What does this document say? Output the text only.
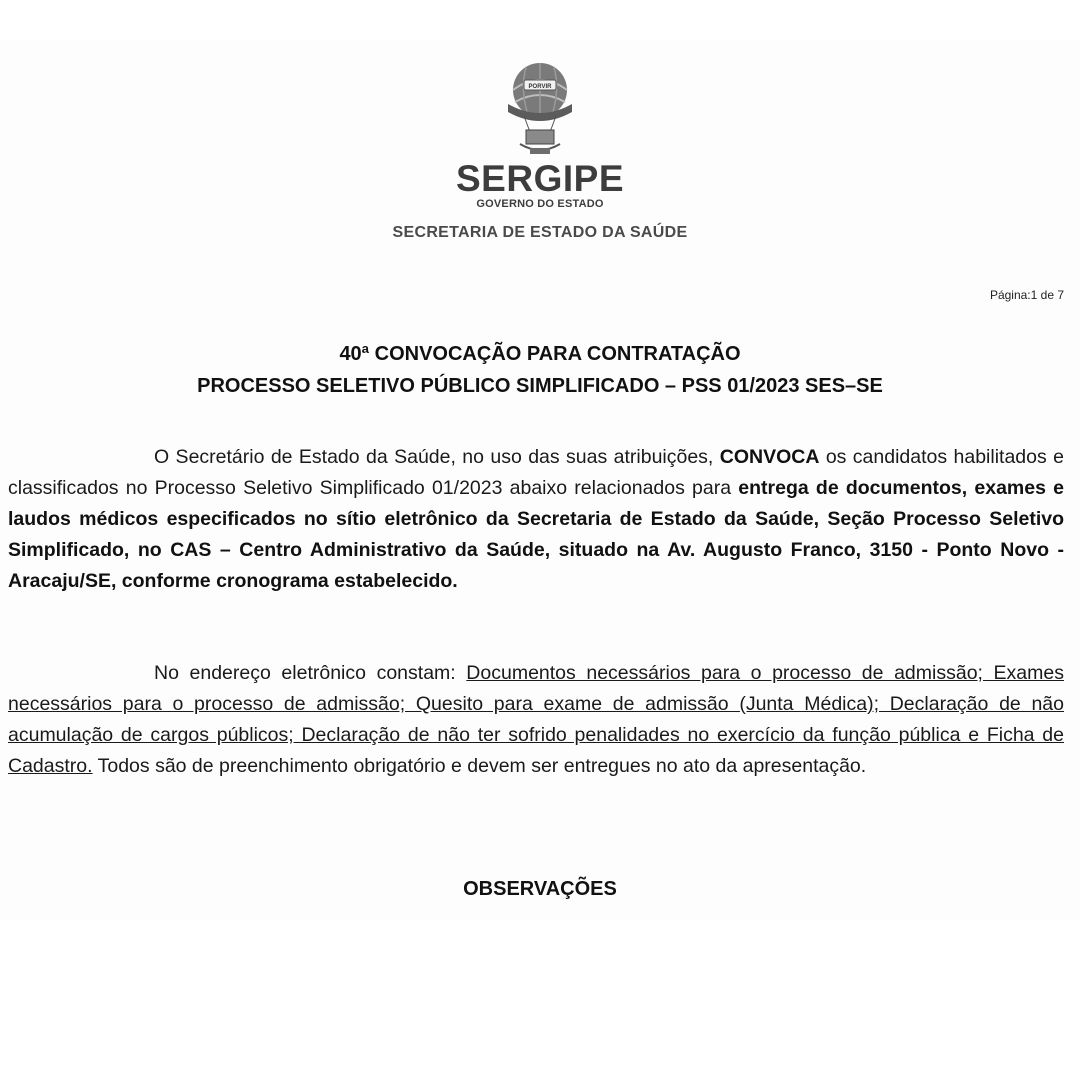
PORVIR
SERGIPE
GOVERNO DO ESTADO
SECRETARIA DE ESTADO DA SAÚDE
Página:1 de 7
40ª CONVOCAÇÃO PARA CONTRATAÇÃO
PROCESSO SELETIVO PÚBLICO SIMPLIFICADO – PSS 01/2023 SES–SE
O Secretário de Estado da Saúde, no uso das suas atribuições, CONVOCA os candidatos habilitados e classificados no Processo Seletivo Simplificado 01/2023 abaixo relacionados para entrega de documentos, exames e laudos médicos especificados no sítio eletrônico da Secretaria de Estado da Saúde, Seção Processo Seletivo Simplificado, no CAS – Centro Administrativo da Saúde, situado na Av. Augusto Franco, 3150 - Ponto Novo - Aracaju/SE, conforme cronograma estabelecido.
No endereço eletrônico constam: Documentos necessários para o processo de admissão; Exames necessários para o processo de admissão; Quesito para exame de admissão (Junta Médica); Declaração de não acumulação de cargos públicos; Declaração de não ter sofrido penalidades no exercício da função pública e Ficha de Cadastro. Todos são de preenchimento obrigatório e devem ser entregues no ato da apresentação.
OBSERVAÇÕES
